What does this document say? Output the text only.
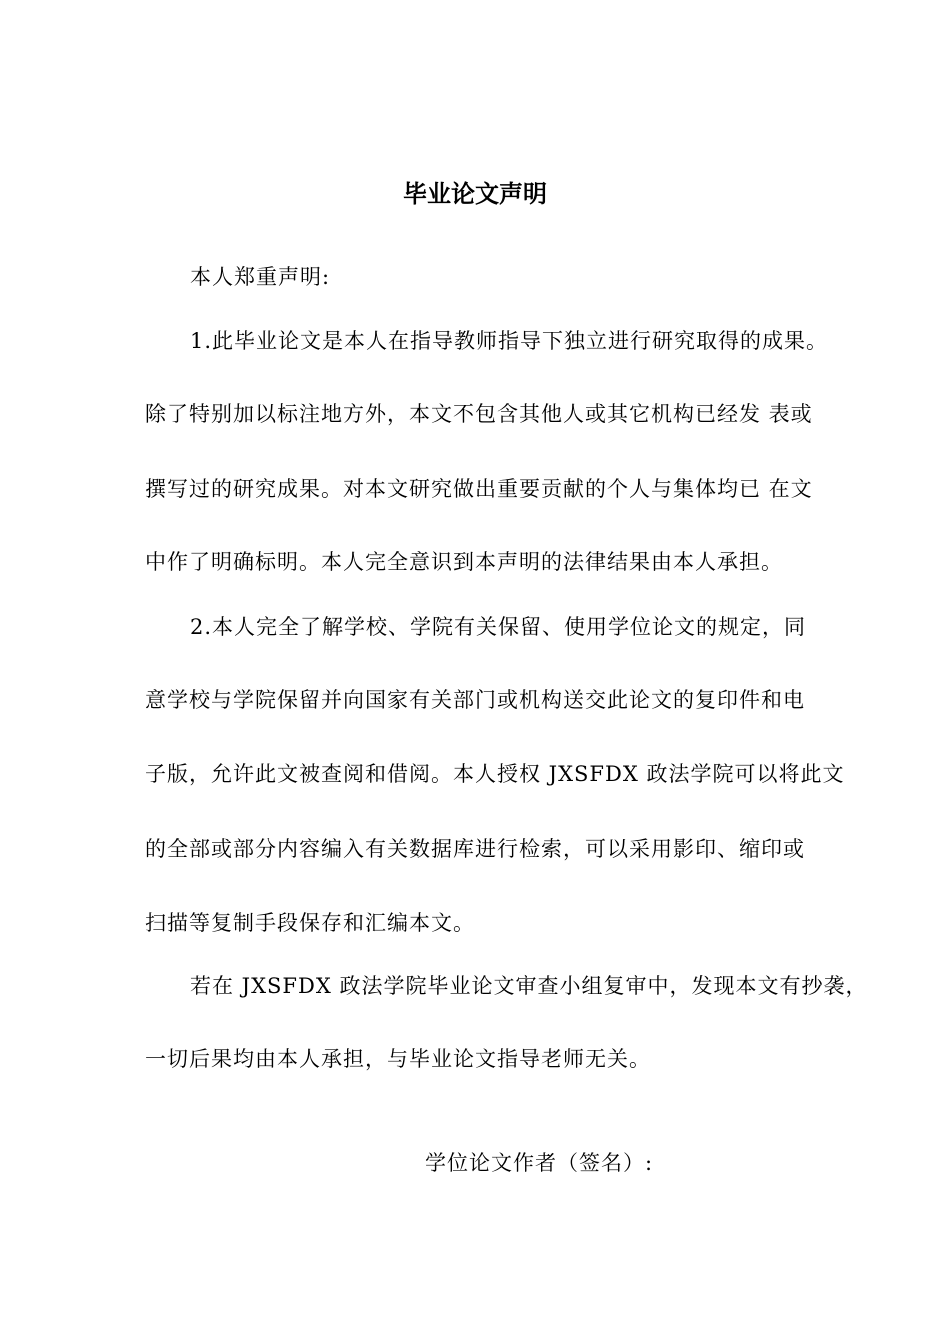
毕业论文声明

本人郑重声明:

1.此毕业论文是本人在指导教师指导下独立进行研究取得的成果。

除了特别加以标注地方外，本文不包含其他人或其它机构已经发 表或

撰写过的研究成果。对本文研究做出重要贡献的个人与集体均已 在文

中作了明确标明。本人完全意识到本声明的法律结果由本人承担。

2.本人完全了解学校、学院有关保留、使用学位论文的规定，同

意学校与学院保留并向国家有关部门或机构送交此论文的复印件和电

子版，允许此文被查阅和借阅。本人授权 JXSFDX 政法学院可以将此文

的全部或部分内容编入有关数据库进行检索，可以采用影印、缩印或

扫描等复制手段保存和汇编本文。

若在 JXSFDX 政法学院毕业论文审查小组复审中，发现本文有抄袭，

一切后果均由本人承担，与毕业论文指导老师无关。

学位论文作者（签名）:
